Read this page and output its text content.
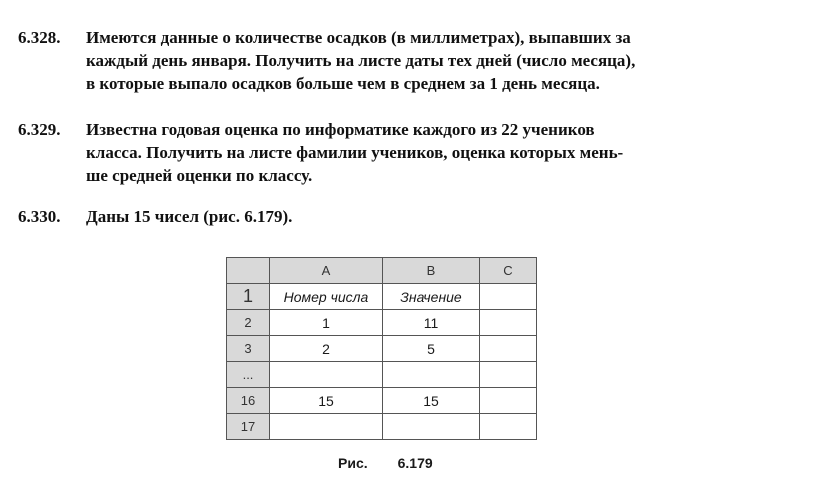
6.328. Имеются данные о количестве осадков (в миллиметрах), выпавших за
каждый день января. Получить на листе даты тех дней (число месяца),
в которые выпало осадков больше чем в среднем за 1 день месяца.
6.329. Известна годовая оценка по информатике каждого из 22 учеников
класса. Получить на листе фамилии учеников, оценка которых мень-
ше средней оценки по классу.
6.330. Даны 15 чисел (рис. 6.179).
	A	B	C
1	Номер числа	Значение	
2	1	11	
3	2	5	
...			
16	15	15	
17			
Рис. 6.179
